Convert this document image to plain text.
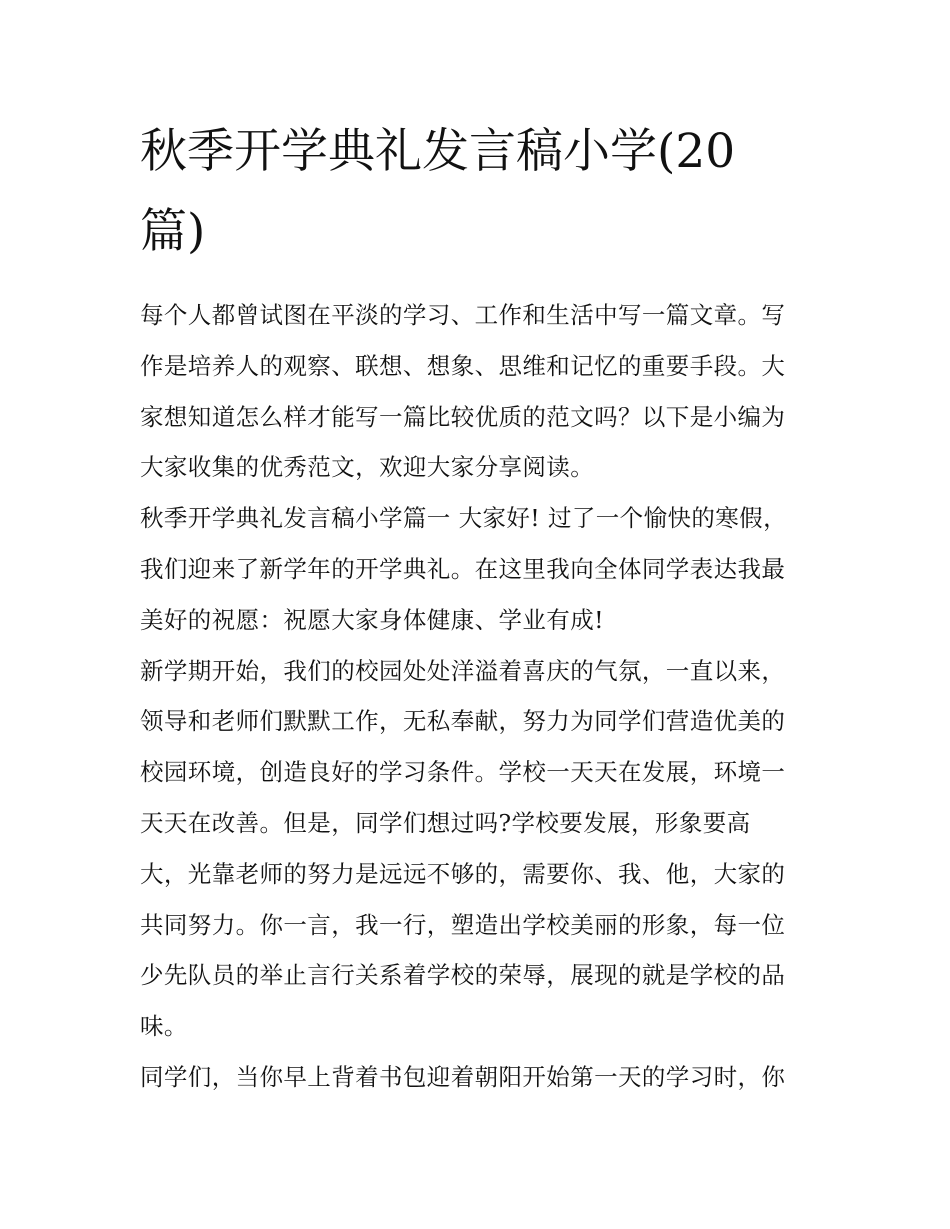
秋季开学典礼发言稿小学(20
篇)

每个人都曾试图在平淡的学习、工作和生活中写一篇文章。写
作是培养人的观察、联想、想象、思维和记忆的重要手段。大
家想知道怎么样才能写一篇比较优质的范文吗？以下是小编为
大家收集的优秀范文，欢迎大家分享阅读。

秋季开学典礼发言稿小学篇一 大家好! 过了一个愉快的寒假，
我们迎来了新学年的开学典礼。在这里我向全体同学表达我最
美好的祝愿：祝愿大家身体健康、学业有成!

新学期开始，我们的校园处处洋溢着喜庆的气氛，一直以来，
领导和老师们默默工作，无私奉献，努力为同学们营造优美的
校园环境，创造良好的学习条件。学校一天天在发展，环境一
天天在改善。但是，同学们想过吗?学校要发展，形象要高
大，光靠老师的努力是远远不够的，需要你、我、他，大家的
共同努力。你一言，我一行，塑造出学校美丽的形象，每一位
少先队员的举止言行关系着学校的荣辱，展现的就是学校的品
味。

同学们，当你早上背着书包迎着朝阳开始第一天的学习时，你
